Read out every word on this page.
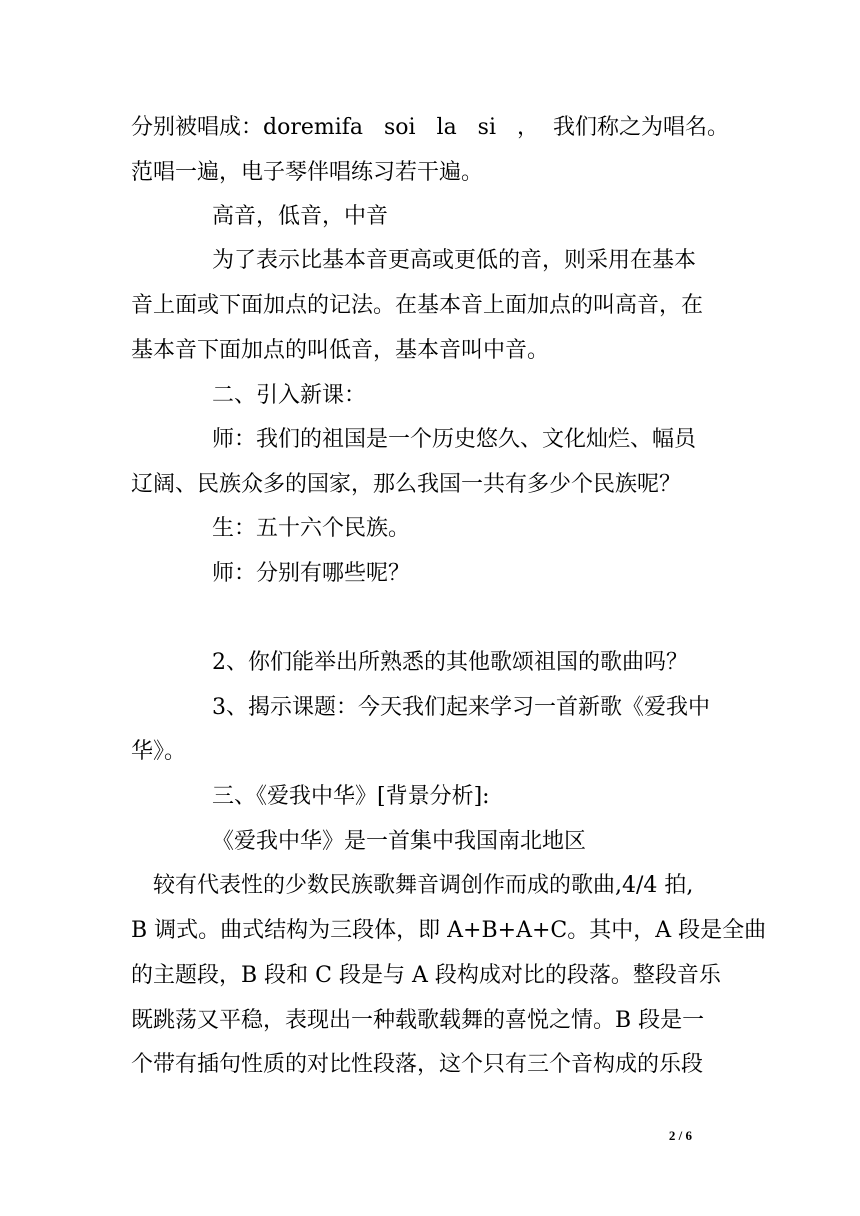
分别被唱成：doremifa   soi   la   si   ，  我们称之为唱名。
范唱一遍，电子琴伴唱练习若干遍。
高音，低音，中音
为了表示比基本音更高或更低的音，则采用在基本
音上面或下面加点的记法。在基本音上面加点的叫高音，在
基本音下面加点的叫低音，基本音叫中音。
二、引入新课：
师：我们的祖国是一个历史悠久、文化灿烂、幅员
辽阔、民族众多的国家，那么我国一共有多少个民族呢？
生：五十六个民族。
师：分别有哪些呢？
2、你们能举出所熟悉的其他歌颂祖国的歌曲吗？
3、揭示课题：今天我们起来学习一首新歌《爱我中
华》。
三、《爱我中华》[背景分析]:
《爱我中华》是一首集中我国南北地区
较有代表性的少数民族歌舞音调创作而成的歌曲,4/4 拍,
B 调式。曲式结构为三段体，即 A+B+A+C。其中，A 段是全曲
的主题段，B 段和 C 段是与 A 段构成对比的段落。整段音乐
既跳荡又平稳，表现出一种载歌载舞的喜悦之情。B 段是一
个带有插句性质的对比性段落，这个只有三个音构成的乐段
2 / 6
